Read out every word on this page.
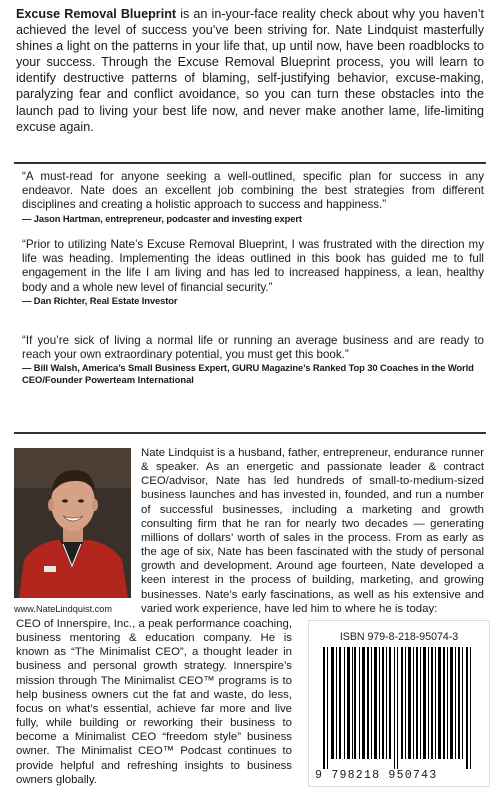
Excuse Removal Blueprint is an in-your-face reality check about why you haven’t achieved the level of success you’ve been striving for. Nate Lindquist masterfully shines a light on the patterns in your life that, up until now, have been roadblocks to your success. Through the Excuse Removal Blueprint process, you will learn to identify destructive patterns of blaming, self-justifying behavior, excuse-making, paralyzing fear and conflict avoidance, so you can turn these obstacles into the launch pad to living your best life now, and never make another lame, life-limiting excuse again.
“A must-read for anyone seeking a well-outlined, specific plan for success in any endeavor. Nate does an excellent job combining the best strategies from different disciplines and creating a holistic approach to success and happiness.”
— Jason Hartman, entrepreneur, podcaster and investing expert
“Prior to utilizing Nate’s Excuse Removal Blueprint, I was frustrated with the direction my life was heading. Implementing the ideas outlined in this book has guided me to full engagement in the life I am living and has led to increased happiness, a lean, healthy body and a whole new level of financial security.”
— Dan Richter, Real Estate Investor
“If you’re sick of living a normal life or running an average business and are ready to reach your own extraordinary potential, you must get this book.”
— Bill Walsh, America’s Small Business Expert, GURU Magazine’s Ranked Top 30 Coaches in the World
CEO/Founder Powerteam International
www.NateLindquist.com
Nate Lindquist is a husband, father, entrepreneur, endurance runner & speaker. As an energetic and passionate leader & contract CEO/advisor, Nate has led hundreds of small-to-medium-sized business launches and has invested in, founded, and run a number of successful businesses, including a marketing and growth consulting firm that he ran for nearly two decades — generating millions of dollars’ worth of sales in the process. From as early as the age of six, Nate has been fascinated with the study of personal growth and development. Around age fourteen, Nate developed a keen interest in the process of building, marketing, and growing businesses. Nate’s early fascinations, as well as his extensive and varied work experience, have led him to where he is today:
CEO of Innerspire, Inc., a peak performance coaching, business mentoring & education company. He is known as “The Minimalist CEO”, a thought leader in business and personal growth strategy. Innerspire’s mission through The Minimalist CEO™ programs is to help business owners cut the fat and waste, do less, focus on what’s essential, achieve far more and live fully, while building or reworking their business to become a Minimalist CEO “freedom style” business owner. The Minimalist CEO™ Podcast continues to provide helpful and refreshing insights to business owners globally.
ISBN 979-8-218-95074-3
9 798218 950743
